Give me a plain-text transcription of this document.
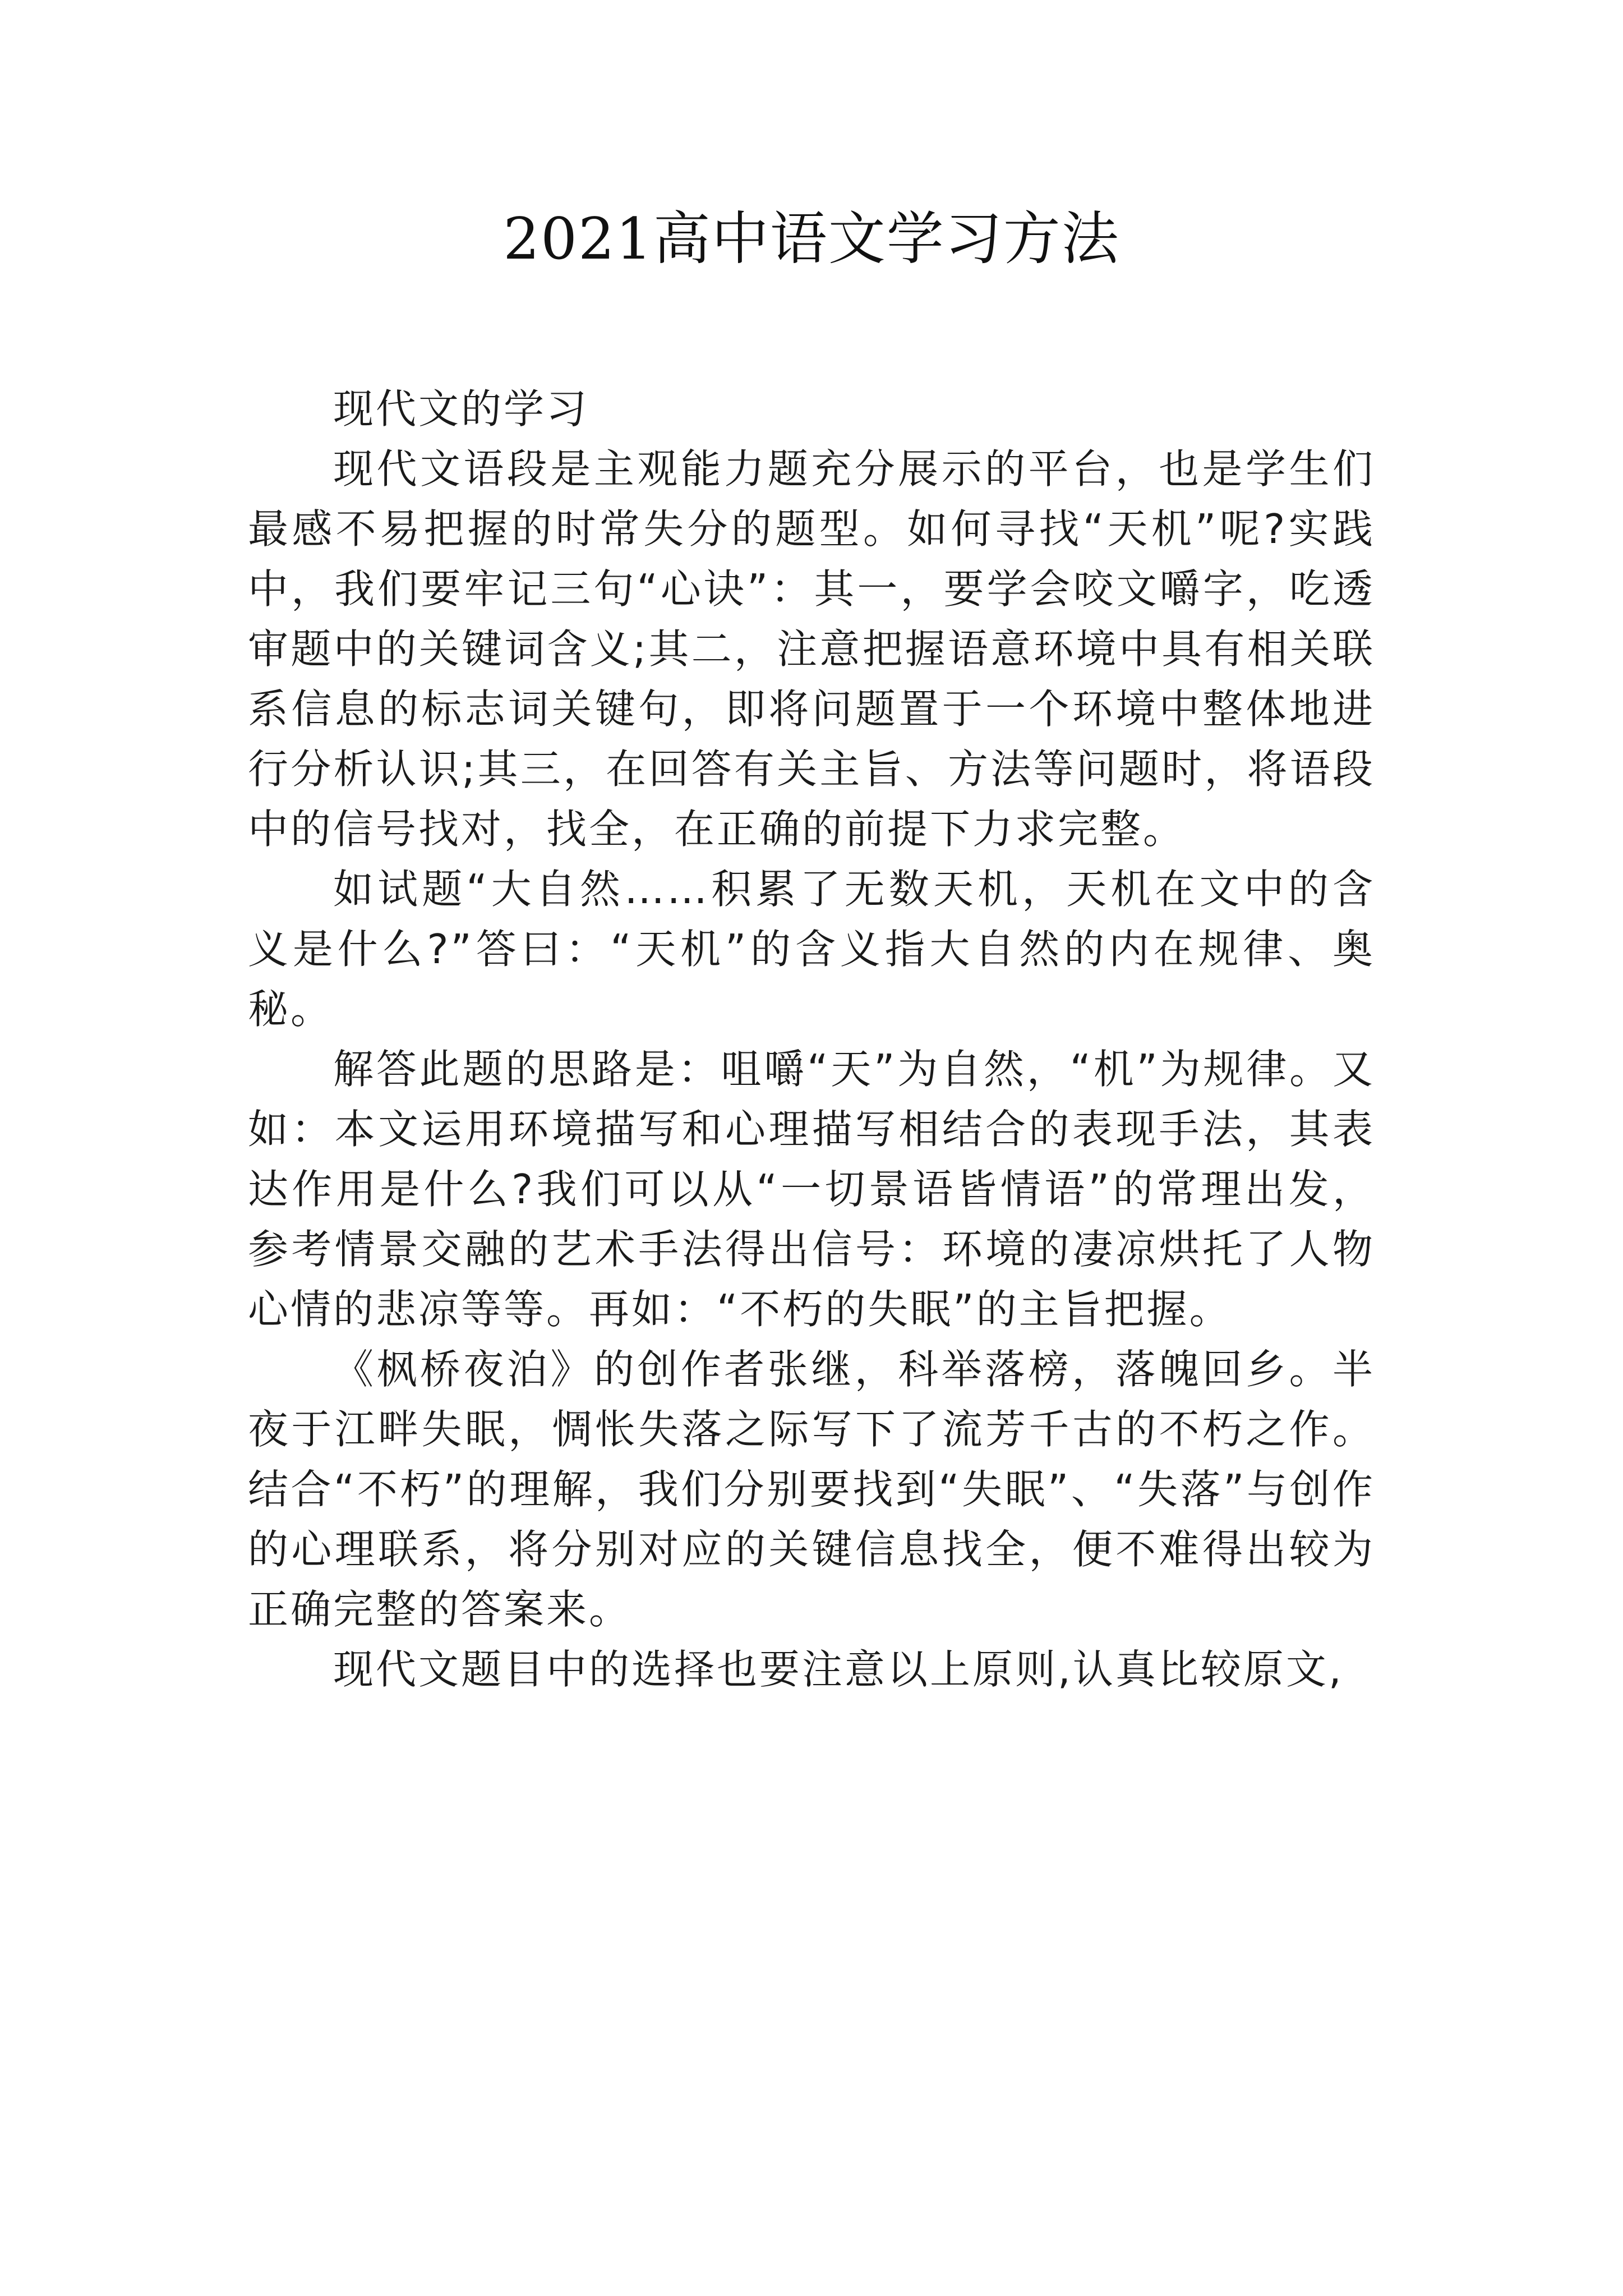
2021高中语文学习方法

现代文的学习

现代文语段是主观能力题充分展示的平台，也是学生们最感不易把握的时常失分的题型。如何寻找“天机”呢?实践中，我们要牢记三句“心诀”：其一，要学会咬文嚼字，吃透审题中的关键词含义;其二，注意把握语意环境中具有相关联系信息的标志词关键句，即将问题置于一个环境中整体地进行分析认识;其三，在回答有关主旨、方法等问题时，将语段中的信号找对，找全，在正确的前提下力求完整。

如试题“大自然……积累了无数天机，天机在文中的含义是什么?”答曰：“天机”的含义指大自然的内在规律、奥秘。

解答此题的思路是：咀嚼“天”为自然，“机”为规律。又如：本文运用环境描写和心理描写相结合的表现手法，其表达作用是什么?我们可以从“一切景语皆情语”的常理出发，参考情景交融的艺术手法得出信号：环境的凄凉烘托了人物心情的悲凉等等。再如：“不朽的失眠”的主旨把握。

《枫桥夜泊》的创作者张继，科举落榜，落魄回乡。半夜于江畔失眠，惆怅失落之际写下了流芳千古的不朽之作。结合“不朽”的理解，我们分别要找到“失眠”、“失落”与创作的心理联系，将分别对应的关键信息找全，便不难得出较为正确完整的答案来。

现代文题目中的选择也要注意以上原则,认真比较原文,
